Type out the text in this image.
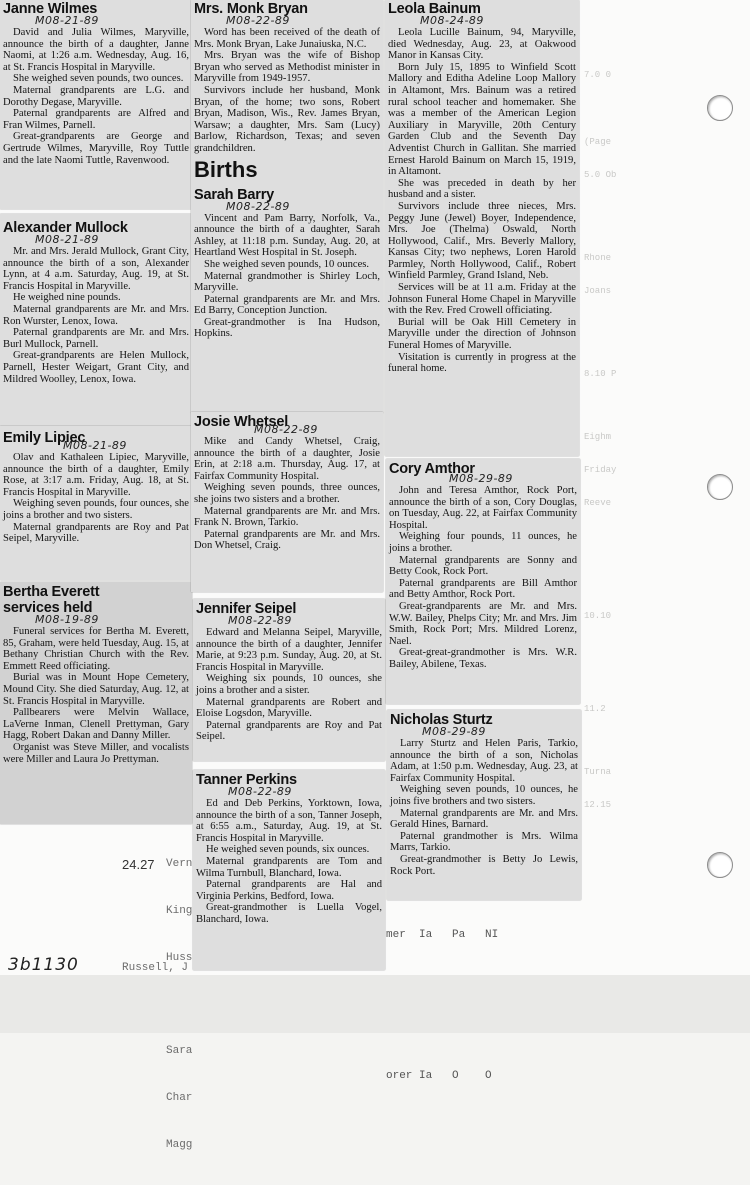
7.0 0

(Page

5.0 Ob

Rhone

Joans

8.10 P

Eighm

Friday

Reeve

10.10

11.2

Turna

12.15

Vern

King

Huss

Sara

Char

Magg

Russell, J

24.27

mer  Ia   Pa   NI

orer Ia   O    O

Janne Wilmes
M08-21-89

David and Julia Wilmes, Maryville, announce the birth of a daughter, Janne Naomi, at 1:26 a.m. Wednesday, Aug. 16, at St. Francis Hospital in Maryville.

She weighed seven pounds, two ounces.

Maternal grandparents are L.G. and Dorothy Degase, Maryville.

Paternal grandparents are Alfred and Fran Wilmes, Parnell.

Great-grandparents are George and Gertrude Wilmes, Maryville, Roy Tuttle and the late Naomi Tuttle, Ravenwood.

Alexander Mullock
M08-21-89

Mr. and Mrs. Jerald Mullock, Grant City, announce the birth of a son, Alexander Lynn, at 4 a.m. Saturday, Aug. 19, at St. Francis Hospital in Maryville.

He weighed nine pounds.

Maternal grandparents are Mr. and Mrs. Ron Wurster, Lenox, Iowa.

Paternal grandparents are Mr. and Mrs. Burl Mullock, Parnell.

Great-grandparents are Helen Mullock, Parnell, Hester Weigart, Grant City, and Mildred Woolley, Lenox, Iowa.

Emily Lipiec
M08-21-89

Olav and Kathaleen Lipiec, Maryville, announce the birth of a daughter, Emily Rose, at 3:17 a.m. Friday, Aug. 18, at St. Francis Hospital in Maryville.

Weighing seven pounds, four ounces, she joins a brother and two sisters.

Maternal grandparents are Roy and Pat Seipel, Maryville.

Bertha Everett
services held
M08-19-89

Funeral services for Bertha M. Everett, 85, Graham, were held Tuesday, Aug. 15, at Bethany Christian Church with the Rev. Emmett Reed officiating.

Burial was in Mount Hope Cemetery, Mound City. She died Saturday, Aug. 12, at St. Francis Hospital in Maryville.

Pallbearers were Melvin Wallace, LaVerne Inman, Clenell Prettyman, Gary Hagg, Robert Dakan and Danny Miller.

Organist was Steve Miller, and vocalists were Miller and Laura Jo Prettyman.

Mrs. Monk Bryan
M08-22-89

Word has been received of the death of Mrs. Monk Bryan, Lake Junaiuska, N.C.

Mrs. Bryan was the wife of Bishop Bryan who served as Methodist minister in Maryville from 1949-1957.

Survivors include her husband, Monk Bryan, of the home; two sons, Robert Bryan, Madison, Wis., Rev. James Bryan, Warsaw; a daughter, Mrs. Sam (Lucy) Barlow, Richardson, Texas; and seven grandchildren.

Births
Sarah Barry
M08-22-89

Vincent and Pam Barry, Norfolk, Va., announce the birth of a daughter, Sarah Ashley, at 11:18 p.m. Sunday, Aug. 20, at Heartland West Hospital in St. Joseph.

She weighed seven pounds, 10 ounces.

Maternal grandmother is Shirley Loch, Maryville.

Paternal grandparents are Mr. and Mrs. Ed Barry, Conception Junction.

Great-grandmother is Ina Hudson, Hopkins.

Josie Whetsel
M08-22-89

Mike and Candy Whetsel, Craig, announce the birth of a daughter, Josie Erin, at 2:18 a.m. Thursday, Aug. 17, at Fairfax Community Hospital.

Weighing seven pounds, three ounces, she joins two sisters and a brother.

Maternal grandparents are Mr. and Mrs. Frank N. Brown, Tarkio.

Paternal grandparents are Mr. and Mrs. Don Whetsel, Craig.

Jennifer Seipel
M08-22-89

Edward and Melanna Seipel, Maryville, announce the birth of a daughter, Jennifer Marie, at 9:23 p.m. Sunday, Aug. 20, at St. Francis Hospital in Maryville.

Weighing six pounds, 10 ounces, she joins a brother and a sister.

Maternal grandparents are Robert and Eloise Logsdon, Maryville.

Paternal grandparents are Roy and Pat Seipel.

Tanner Perkins
M08-22-89

Ed and Deb Perkins, Yorktown, Iowa, announce the birth of a son, Tanner Joseph, at 6:55 a.m., Saturday, Aug. 19, at St. Francis Hospital in Maryville.

He weighed seven pounds, six ounces.

Maternal grandparents are Tom and Wilma Turnbull, Blanchard, Iowa.

Paternal grandparents are Hal and Virginia Perkins, Bedford, Iowa.

Great-grandmother is Luella Vogel, Blanchard, Iowa.

Leola Bainum
M08-24-89

Leola Lucille Bainum, 94, Maryville, died Wednesday, Aug. 23, at Oakwood Manor in Kansas City.

Born July 15, 1895 to Winfield Scott Mallory and Editha Adeline Loop Mallory in Altamont, Mrs. Bainum was a retired rural school teacher and homemaker. She was a member of the American Legion Auxiliary in Maryville, 20th Century Garden Club and the Seventh Day Adventist Church in Gallitan. She married Ernest Harold Bainum on March 15, 1919, in Altamont.

She was preceded in death by her husband and a sister.

Survivors include three nieces, Mrs. Peggy June (Jewel) Boyer, Independence, Mrs. Joe (Thelma) Oswald, North Hollywood, Calif., Mrs. Beverly Mallory, Kansas City; two nephews, Loren Harold Parmley, North Hollywood, Calif., Robert Winfield Parmley, Grand Island, Neb.

Services will be at 11 a.m. Friday at the Johnson Funeral Home Chapel in Maryville with the Rev. Fred Crowell officiating.

Burial will be Oak Hill Cemetery in Maryville under the direction of Johnson Funeral Homes of Maryville.

Visitation is currently in progress at the funeral home.

Cory Amthor
M08-29-89

John and Teresa Amthor, Rock Port, announce the birth of a son, Cory Douglas, on Tuesday, Aug. 22, at Fairfax Community Hospital.

Weighing four pounds, 11 ounces, he joins a brother.

Maternal grandparents are Sonny and Betty Cook, Rock Port.

Paternal grandparents are Bill Amthor and Betty Amthor, Rock Port.

Great-grandparents are Mr. and Mrs. W.W. Bailey, Phelps City; Mr. and Mrs. Jim Smith, Rock Port; Mrs. Mildred Lorenz, Nael.

Great-great-grandmother is Mrs. W.R. Bailey, Abilene, Texas.

Nicholas Sturtz
M08-29-89

Larry Sturtz and Helen Paris, Tarkio, announce the birth of a son, Nicholas Adam, at 1:50 p.m. Wednesday, Aug. 23, at Fairfax Community Hospital.

Weighing seven pounds, 10 ounces, he joins five brothers and two sisters.

Maternal grandparents are Mr. and Mrs. Gerald Hines, Barnard.

Paternal grandmother is Mrs. Wilma Marrs, Tarkio.

Great-grandmother is Betty Jo Lewis, Rock Port.

3b1130
